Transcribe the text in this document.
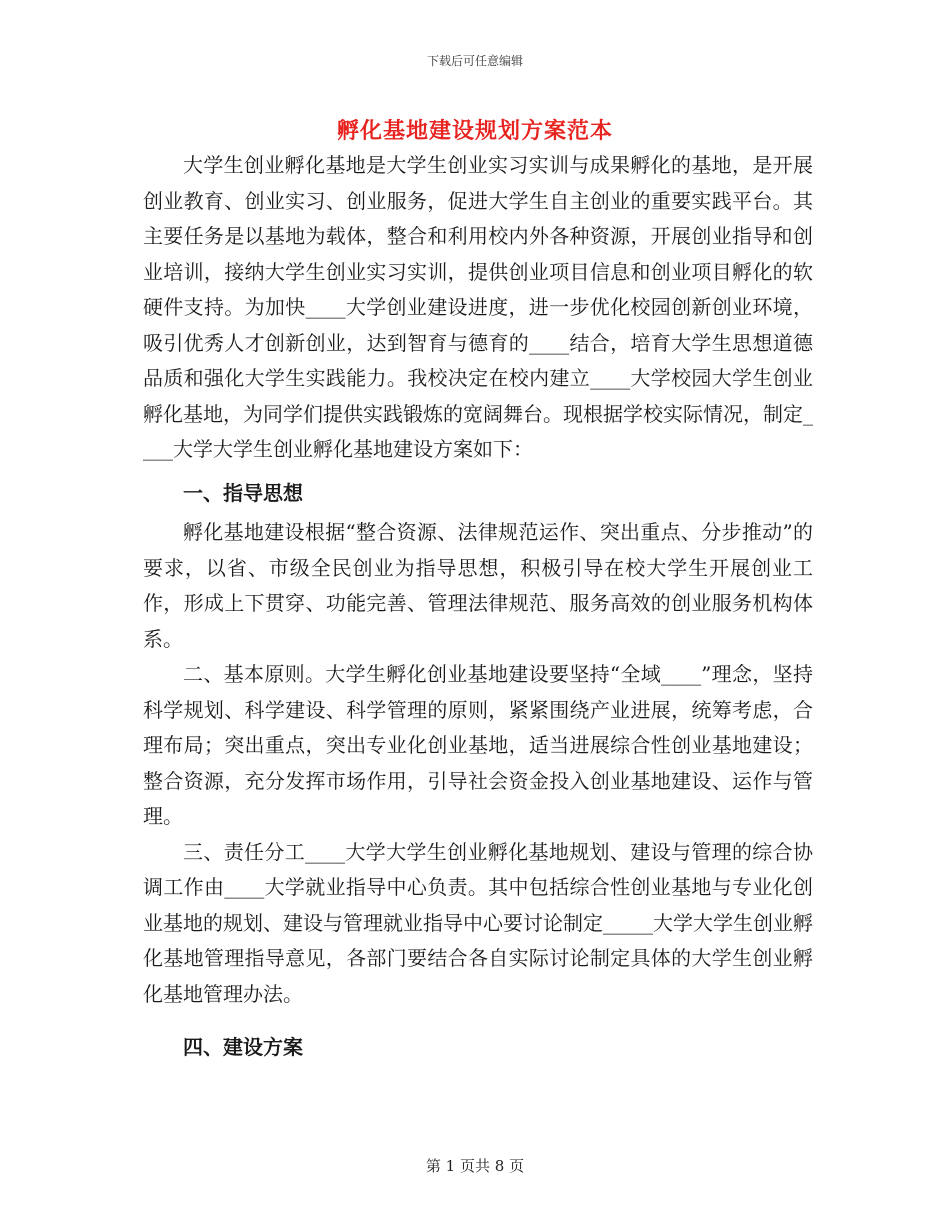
下载后可任意编辑
孵化基地建设规划方案范本

大学生创业孵化基地是大学生创业实习实训与成果孵化的基地，是开展创业教育、创业实习、创业服务，促进大学生自主创业的重要实践平台。其主要任务是以基地为载体，整合和利用校内外各种资源，开展创业指导和创业培训，接纳大学生创业实习实训，提供创业项目信息和创业项目孵化的软硬件支持。为加快____大学创业建设进度，进一步优化校园创新创业环境，吸引优秀人才创新创业，达到智育与德育的____结合，培育大学生思想道德品质和强化大学生实践能力。我校决定在校内建立____大学校园大学生创业孵化基地，为同学们提供实践锻炼的宽阔舞台。现根据学校实际情况，制定____大学大学生创业孵化基地建设方案如下：

一、指导思想

孵化基地建设根据“整合资源、法律规范运作、突出重点、分步推动”的要求，以省、市级全民创业为指导思想，积极引导在校大学生开展创业工作，形成上下贯穿、功能完善、管理法律规范、服务高效的创业服务机构体系。

二、基本原则。大学生孵化创业基地建设要坚持“全域____”理念，坚持科学规划、科学建设、科学管理的原则，紧紧围绕产业进展，统筹考虑，合理布局；突出重点，突出专业化创业基地，适当进展综合性创业基地建设；整合资源，充分发挥市场作用，引导社会资金投入创业基地建设、运作与管理。

三、责任分工____大学大学生创业孵化基地规划、建设与管理的综合协调工作由____大学就业指导中心负责。其中包括综合性创业基地与专业化创业基地的规划、建设与管理就业指导中心要讨论制定_____大学大学生创业孵化基地管理指导意见，各部门要结合各自实际讨论制定具体的大学生创业孵化基地管理办法。

四、建设方案

第 1 页共 8 页
